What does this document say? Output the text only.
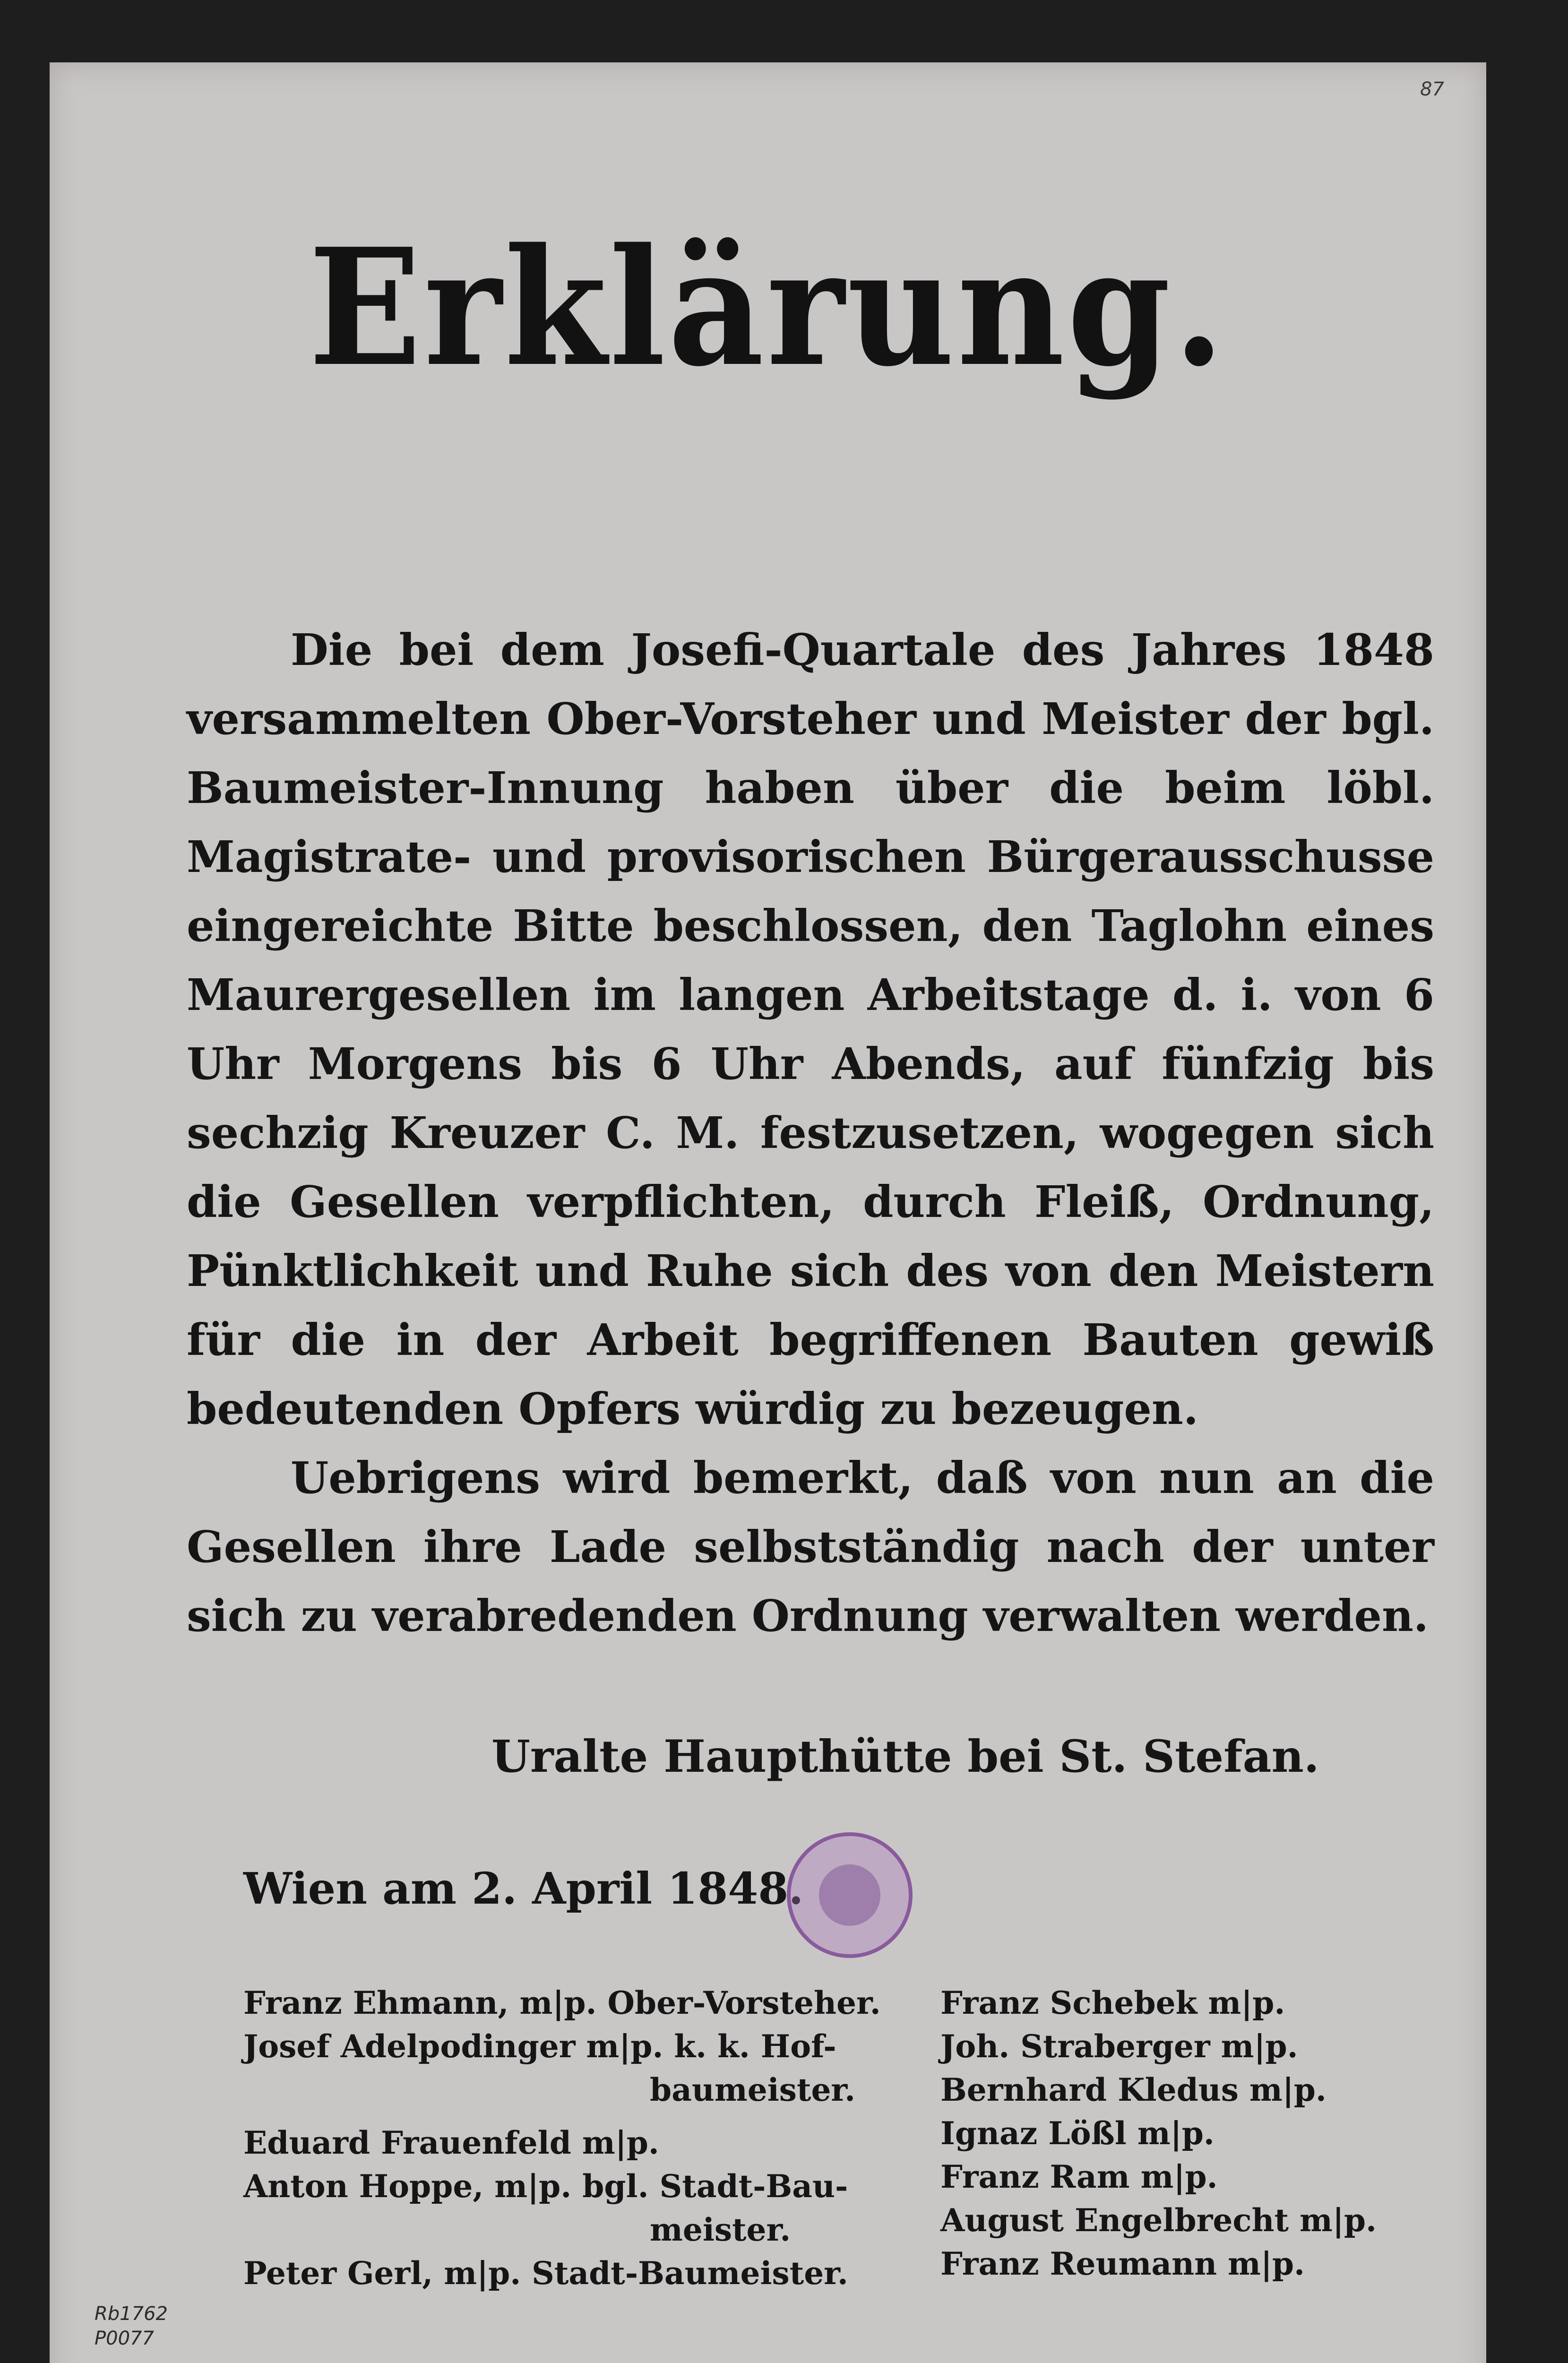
87
Erklärung.

Die bei dem Josefi-Quartale des Jahres 1848 versammelten Ober-Vorsteher und Meister der bgl. Baumeister-Innung haben über die beim löbl. Magistrate- und provisorischen Bürgerausschusse eingereichte Bitte beschlossen, den Taglohn eines Maurergesellen im langen Arbeitstage d. i. von 6 Uhr Morgens bis 6 Uhr Abends, auf fünfzig bis sechzig Kreuzer C. M. festzusetzen, wogegen sich die Gesellen verpflichten, durch Fleiß, Ordnung, Pünktlichkeit und Ruhe sich des von den Meistern für die in der Arbeit begriffenen Bauten gewiß bedeutenden Opfers würdig zu bezeugen.

Uebrigens wird bemerkt, daß von nun an die Gesellen ihre Lade selbstständig nach der unter sich zu verabredenden Ordnung verwalten werden.

Uralte Haupthütte bei St. Stefan.
Wien am 2. April 1848.
Franz Ehmann, m|p. Ober-Vorsteher.
Josef Adelpodinger m|p. k. k. Hof-
baumeister.
Eduard Frauenfeld m|p.
Anton Hoppe, m|p. bgl. Stadt-Bau-
meister.
Peter Gerl, m|p. Stadt-Baumeister.
Franz Schebek m|p.
Joh. Straberger m|p.
Bernhard Kledus m|p.
Ignaz Lößl m|p.
Franz Ram m|p.
August Engelbrecht m|p.
Franz Reumann m|p.
Rb1762
P0077
